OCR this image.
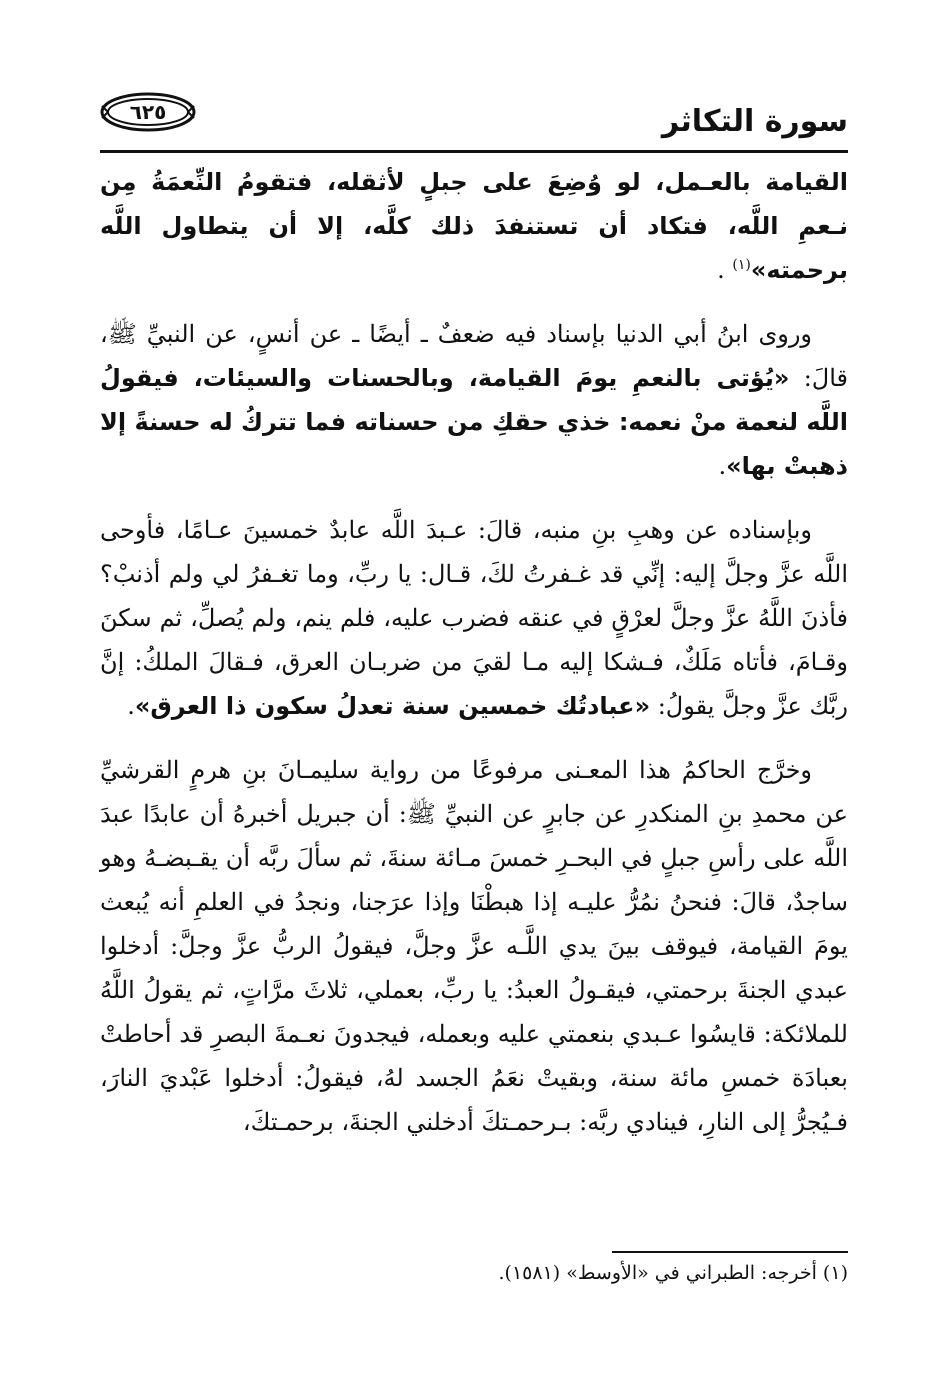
سورة التكاثر
٦٢٥

القيامة بالعـمل، لو وُضِعَ على جبلٍ لأثقله، فتقومُ النِّعمَةُ مِن نـعمِ اللَّه، فتكاد أن تستنفدَ ذلك كلَّه، إلا أن يتطاول اللَّه برحمته»$^{(١)}$ .

وروى ابنُ أبي الدنيا بإسناد فيه ضعفٌ ـ أيضًا ـ عن أنسٍ، عن النبيِّ ﷺ، قالَ: «يُؤتى بالنعمِ يومَ القيامة، وبالحسنات والسيئات، فيقولُ اللَّه لنعمة منْ نعمه: خذي حقكِ من حسناته فما تتركُ له حسنةً إلا ذهبتْ بها».

وبإسناده عن وهبِ بنِ منبه، قالَ: عـبدَ اللَّه عابدٌ خمسينَ عـامًا، فأوحى اللَّه عزَّ وجلَّ إليه: إنِّي قد غـفرتُ لكَ، قـال: يا ربِّ، وما تغـفرُ لي ولم أذنبْ؟ فأذنَ اللَّهُ عزَّ وجلَّ لعرْقٍ في عنقه فضرب عليه، فلم ينم، ولم يُصلِّ، ثم سكنَ وقـامَ، فأتاه مَلَكٌ، فـشكا إليه مـا لقيَ من ضربـان العرق، فـقالَ الملكُ: إنَّ ربَّك عزَّ وجلَّ يقولُ: «عبادتُك خمسين سنة تعدلُ سكون ذا العرق».

وخرَّج الحاكمُ هذا المعـنى مرفوعًا من رواية سليمـانَ بنِ هرمٍ القرشيِّ عن محمدِ بنِ المنكدرِ عن جابرٍ عن النبيِّ ﷺ: أن جبريل أخبرهُ أن عابدًا عبدَ اللَّه على رأسِ جبلٍ في البحـرِ خمسَ مـائة سنةَ، ثم سألَ ربَّه أن يقـبضـهُ وهو ساجدٌ، قالَ: فنحنُ نمُرُّ عليـه إذا هبطْنَا وإذا عرَجنا، ونجدُ في العلمِ أنه يُبعث يومَ القيامة، فيوقف بينَ يدي اللَّـه عزَّ وجلَّ، فيقولُ الربُّ عزَّ وجلَّ: أدخلوا عبدي الجنةَ برحمتي، فيقـولُ العبدُ: يا ربِّ، بعملي، ثلاثَ مرَّاتٍ، ثم يقولُ اللَّهُ للملائكة: قايسُوا عـبدي بنعمتي عليه وبعمله، فيجدونَ نعـمةَ البصرِ قد أحاطتْ بعبادَة خمسِ مائة سنة، وبقيتْ نعَمُ الجسد لهُ، فيقولُ: أدخلوا عَبْديَ النارَ، فـيُجرُّ إلى النارِ، فينادي ربَّه: بـرحمـتكَ أدخلني الجنةَ، برحمـتكَ،

(١) أخرجه: الطبراني في «الأوسط» (١٥٨١).
